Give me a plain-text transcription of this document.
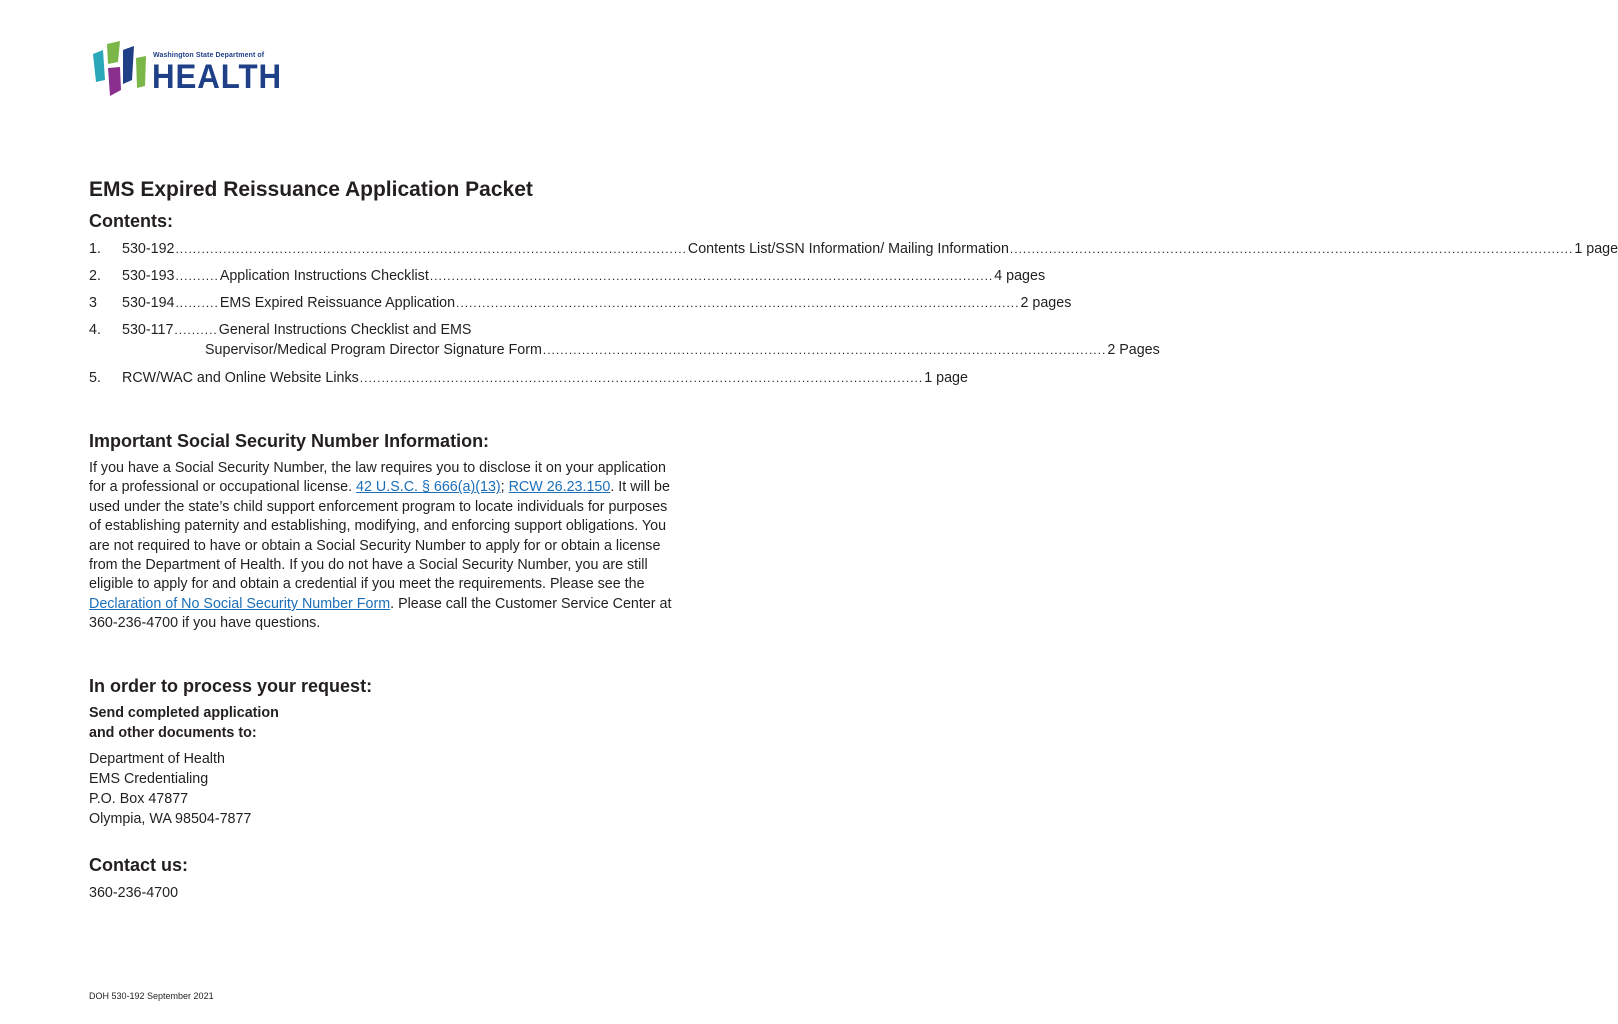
Washington State Department of
HEALTH
EMS Expired Reissuance Application Packet
Contents:
1. 530-192 ...................................................................................................................... Contents List/SSN Information/ Mailing Information .................................................................................................................................. 1 page
2. 530-193 .......... Application Instructions Checklist .................................................................................................................................. 4 pages
3 530-194 .......... EMS Expired Reissuance Application .................................................................................................................................. 2 pages
4. 530-117 .......... General Instructions Checklist and EMS
Supervisor/Medical Program Director Signature Form .................................................................................................................................. 2 Pages
5. RCW/WAC and Online Website Links .................................................................................................................................. 1 page
Important Social Security Number Information:
If you have a Social Security Number, the law requires you to disclose it on your application for a professional or occupational license. 42 U.S.C. § 666(a)(13); RCW 26.23.150. It will be used under the state’s child support enforcement program to locate individuals for purposes of establishing paternity and establishing, modifying, and enforcing support obligations. You are not required to have or obtain a Social Security Number to apply for or obtain a license from the Department of Health. If you do not have a Social Security Number, you are still eligible to apply for and obtain a credential if you meet the requirements. Please see the Declaration of No Social Security Number Form. Please call the Customer Service Center at 360-236-4700 if you have questions.
In order to process your request:
Send completed application
and other documents to:
Department of Health
EMS Credentialing
P.O. Box 47877
Olympia, WA 98504-7877
Contact us:
360-236-4700
DOH 530-192 September 2021
